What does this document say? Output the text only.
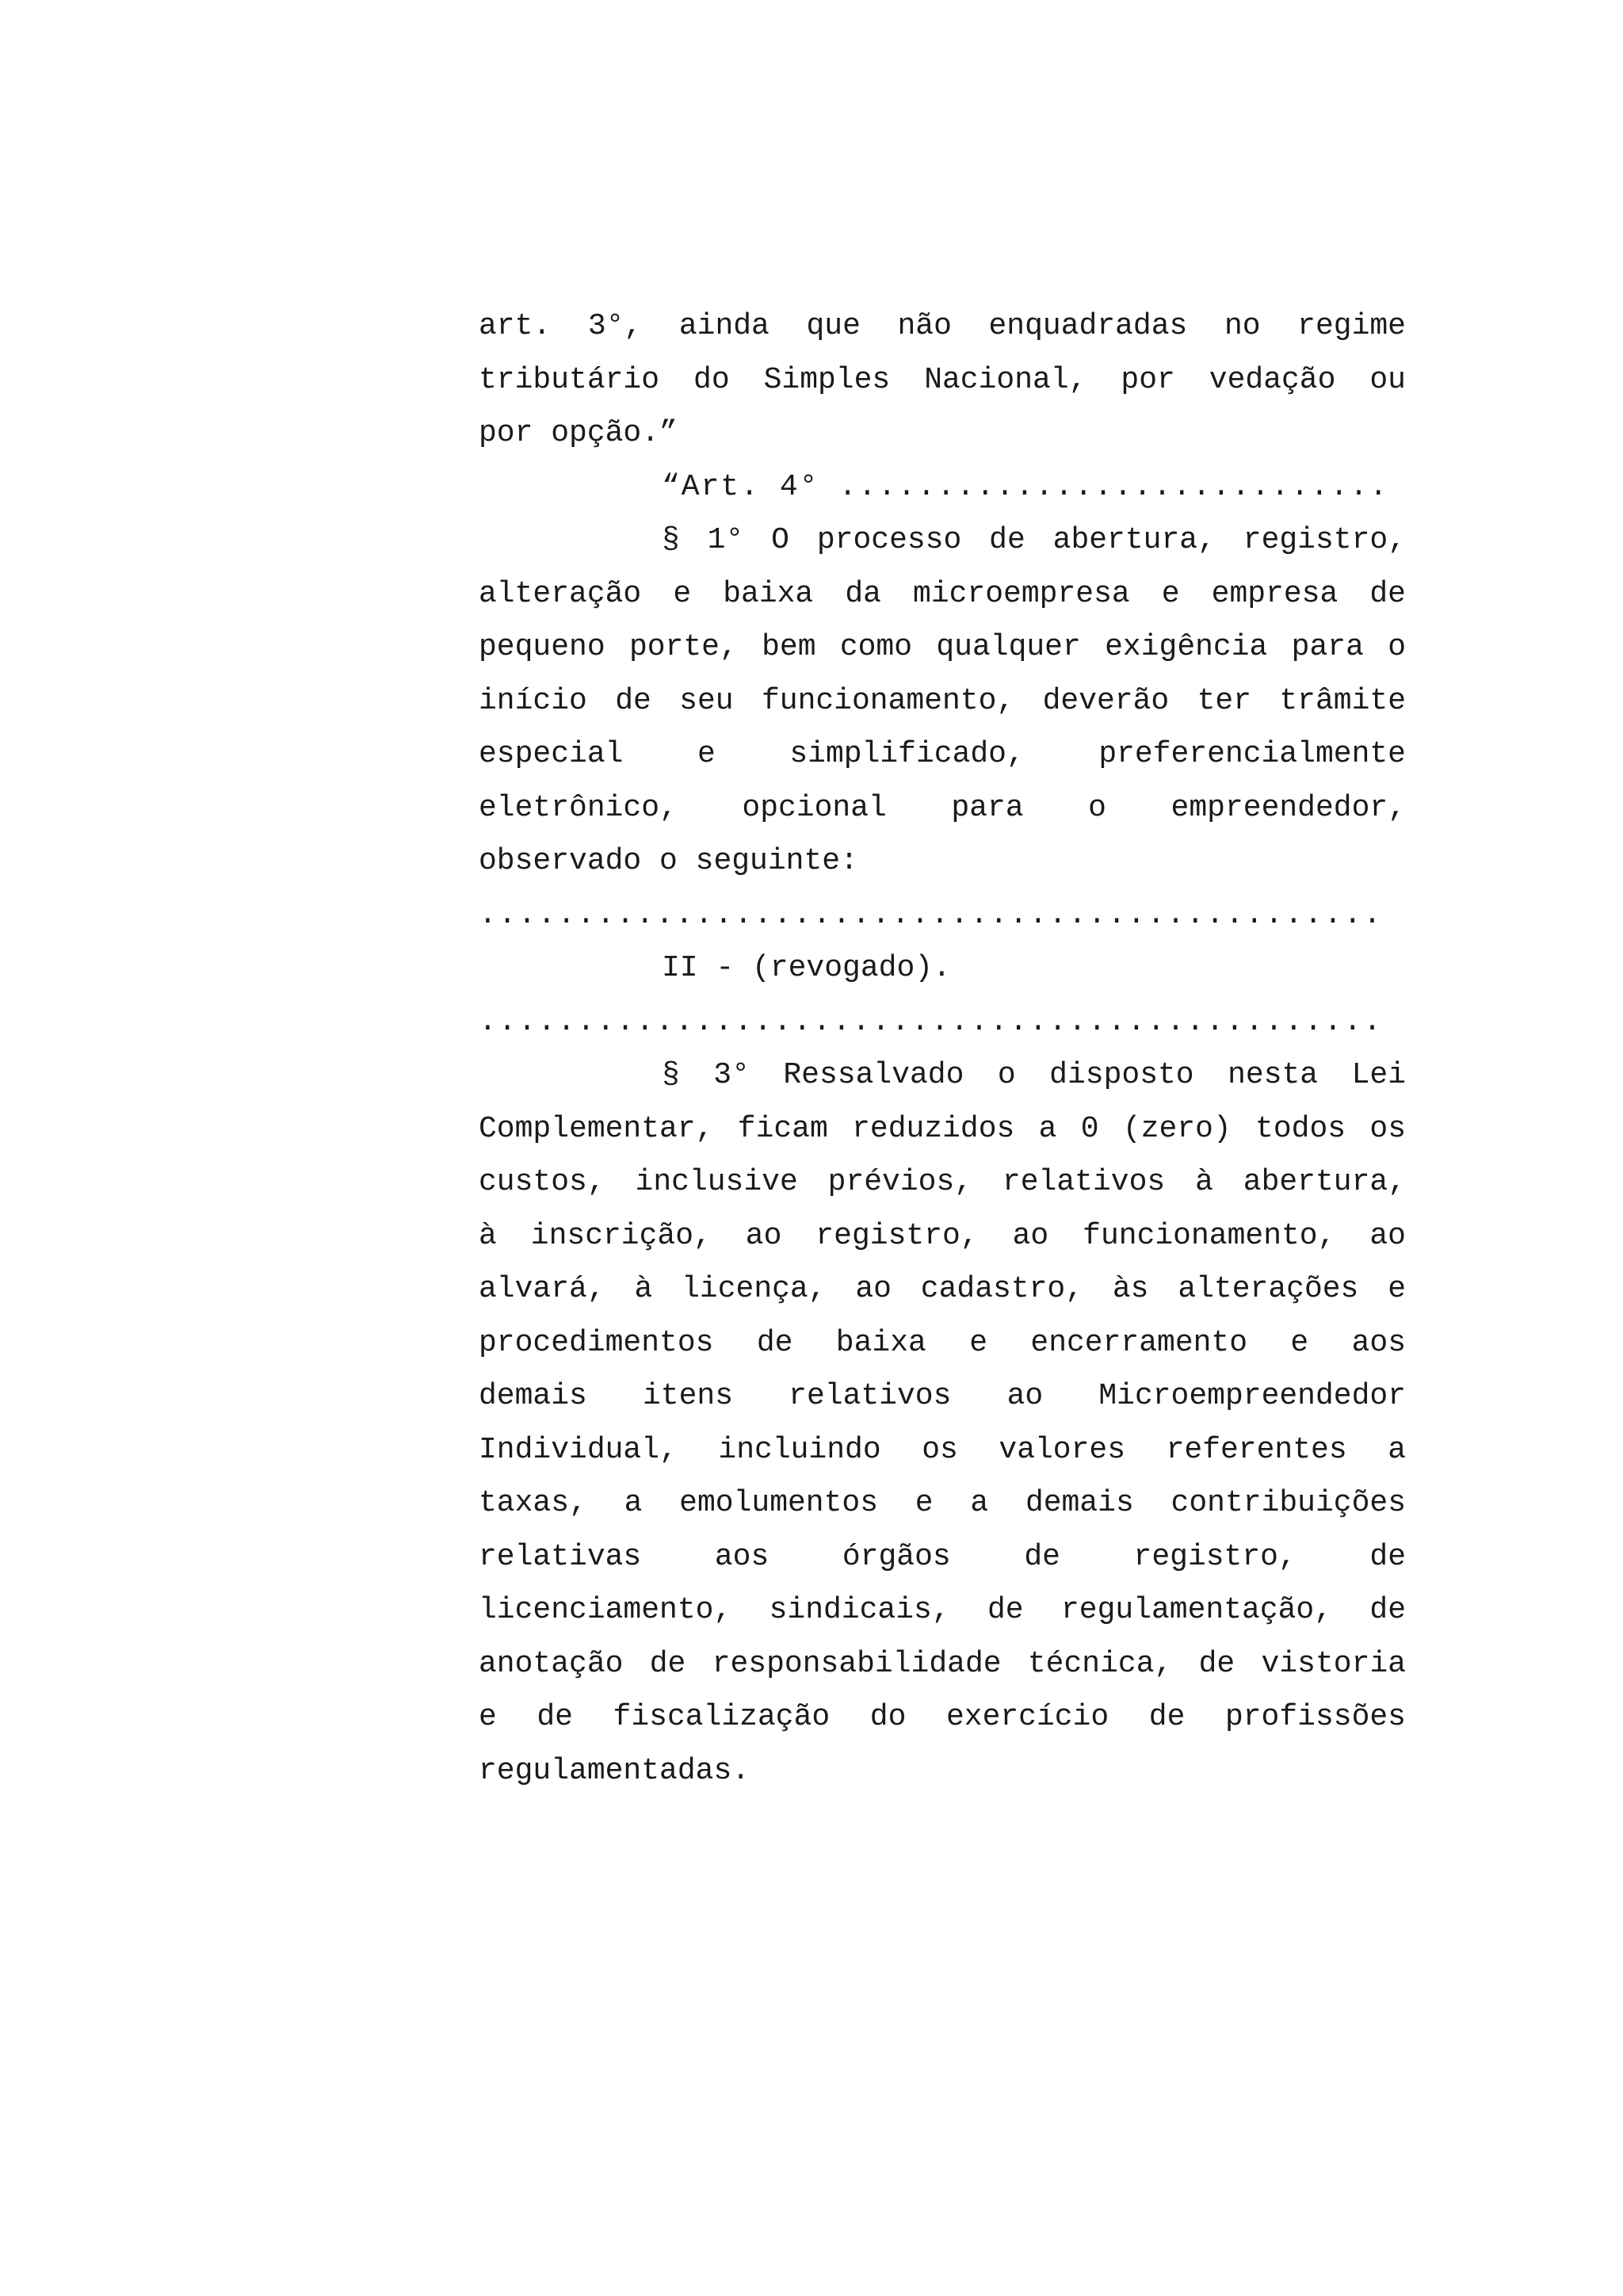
art. 3°, ainda que não enquadradas no regime
tributário do Simples Nacional, por vedação ou
por opção.”
“Art. 4° ............................
§ 1° O processo de abertura, registro,
alteração e baixa da microempresa e empresa de
pequeno porte, bem como qualquer exigência para o
início de seu funcionamento, deverão ter trâmite
especial e simplificado, preferencialmente
eletrônico, opcional para o empreendedor,
observado o seguinte:
..............................................
II - (revogado).
..............................................
§ 3° Ressalvado o disposto nesta Lei
Complementar, ficam reduzidos a 0 (zero) todos os
custos, inclusive prévios, relativos à abertura,
à inscrição, ao registro, ao funcionamento, ao
alvará, à licença, ao cadastro, às alterações e
procedimentos de baixa e encerramento e aos
demais itens relativos ao Microempreendedor
Individual, incluindo os valores referentes a
taxas, a emolumentos e a demais contribuições
relativas aos órgãos de registro, de
licenciamento, sindicais, de regulamentação, de
anotação de responsabilidade técnica, de vistoria
e de fiscalização do exercício de profissões
regulamentadas.
